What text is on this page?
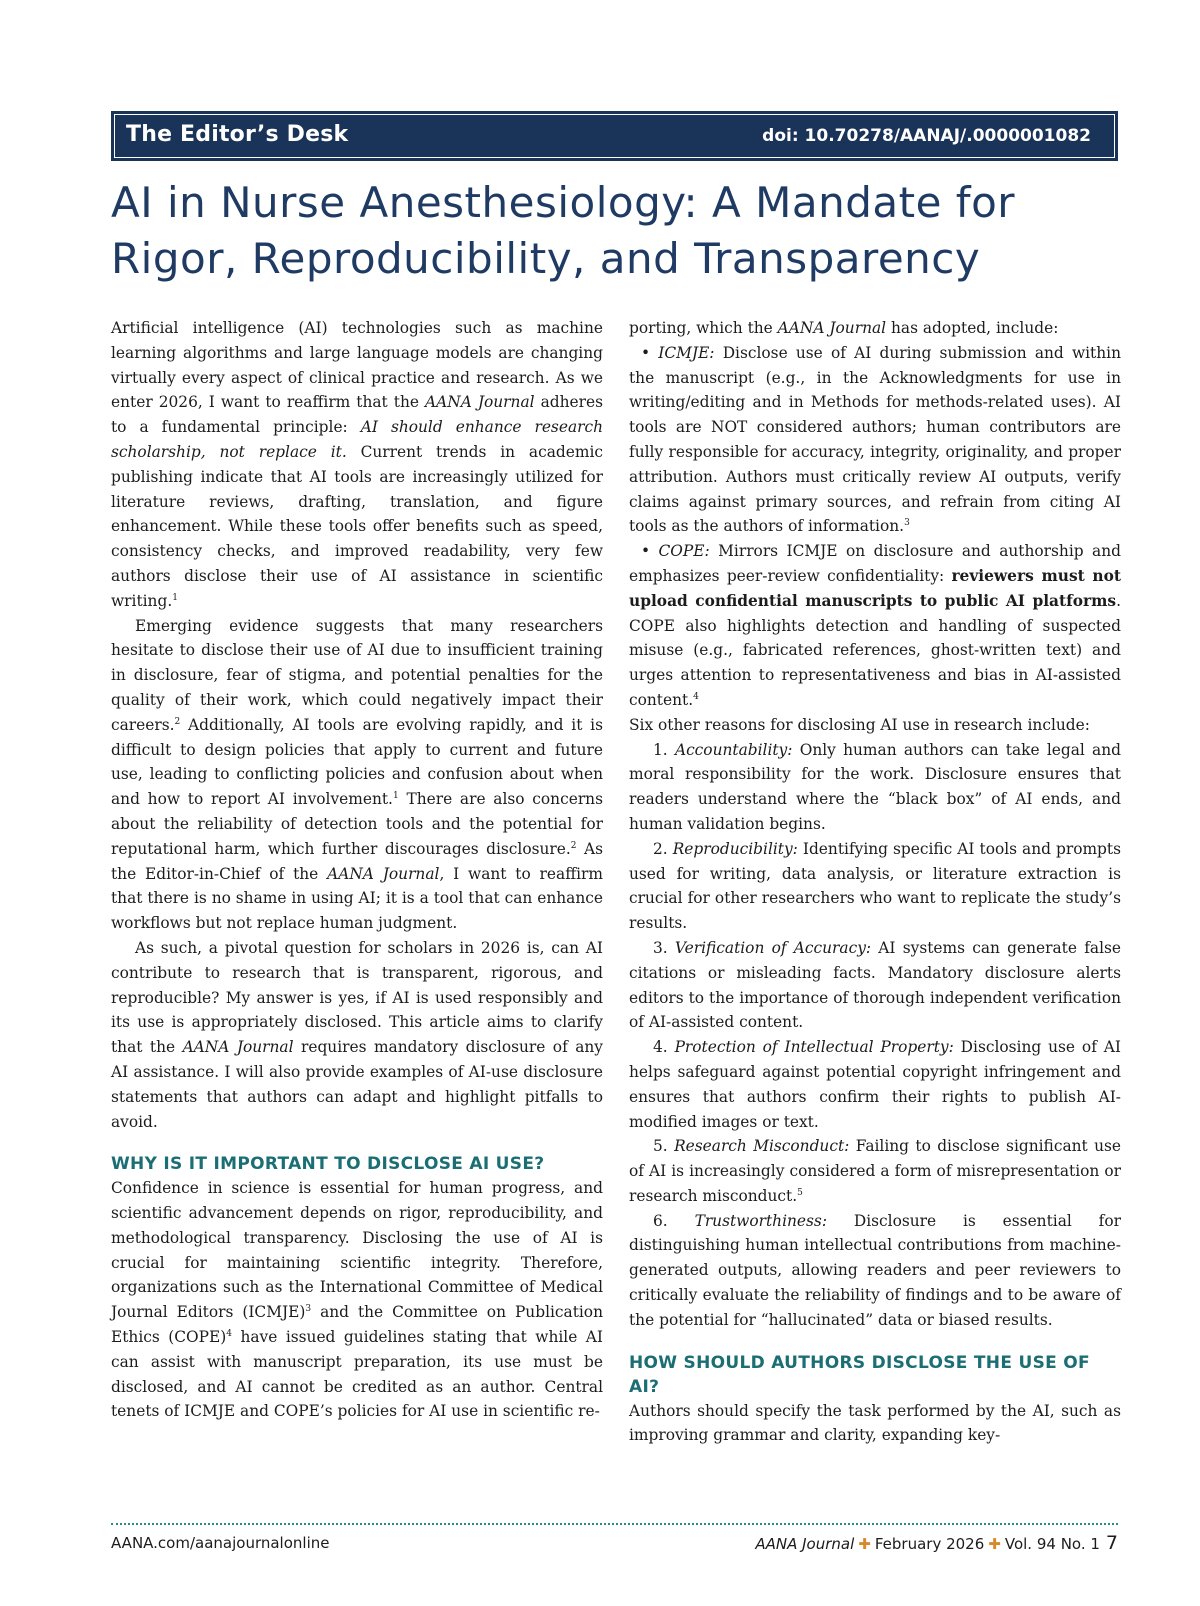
The Editor’s Desk	doi: 10.70278/AANAJ/.0000001082
AI in Nurse Anesthesiology: A Mandate for Rigor, Reproducibility, and Transparency

Artificial intelligence (AI) technologies such as machine learning algorithms and large language models are changing virtually every aspect of clinical practice and research. As we enter 2026, I want to reaffirm that the AANA Journal adheres to a fundamental principle: AI should enhance research scholarship, not replace it. Current trends in academic publishing indicate that AI tools are increasingly utilized for literature reviews, drafting, translation, and figure enhancement. While these tools offer benefits such as speed, consistency checks, and improved readability, very few authors disclose their use of AI assistance in scientific writing.$^1$

Emerging evidence suggests that many researchers hesitate to disclose their use of AI due to insufficient training in disclosure, fear of stigma, and potential penalties for the quality of their work, which could negatively impact their careers.$^2$ Additionally, AI tools are evolving rapidly, and it is difficult to design policies that apply to current and future use, leading to conflicting policies and confusion about when and how to report AI involvement.$^1$ There are also concerns about the reliability of detection tools and the potential for reputational harm, which further discourages disclosure.$^2$ As the Editor-in-Chief of the AANA Journal, I want to reaffirm that there is no shame in using AI; it is a tool that can enhance workflows but not replace human judgment.

As such, a pivotal question for scholars in 2026 is, can AI contribute to research that is transparent, rigorous, and reproducible? My answer is yes, if AI is used responsibly and its use is appropriately disclosed. This article aims to clarify that the AANA Journal requires mandatory disclosure of any AI assistance. I will also provide examples of AI-use disclosure statements that authors can adapt and highlight pitfalls to avoid.

WHY IS IT IMPORTANT TO DISCLOSE AI USE?

Confidence in science is essential for human progress, and scientific advancement depends on rigor, reproducibility, and methodological transparency. Disclosing the use of AI is crucial for maintaining scientific integrity. Therefore, organizations such as the International Committee of Medical Journal Editors (ICMJE)$^3$ and the Committee on Publication Ethics (COPE)$^4$ have issued guidelines stating that while AI can assist with manuscript preparation, its use must be disclosed, and AI cannot be credited as an author. Central tenets of ICMJE and COPE’s policies for AI use in scientific re-

porting, which the AANA Journal has adopted, include:

• ICMJE: Disclose use of AI during submission and within the manuscript (e.g., in the Acknowledgments for use in writing/editing and in Methods for methods-related uses). AI tools are NOT considered authors; human contributors are fully responsible for accuracy, integrity, originality, and proper attribution. Authors must critically review AI outputs, verify claims against primary sources, and refrain from citing AI tools as the authors of information.$^3$

• COPE: Mirrors ICMJE on disclosure and authorship and emphasizes peer-review confidentiality: reviewers must not upload confidential manuscripts to public AI platforms. COPE also highlights detection and handling of suspected misuse (e.g., fabricated references, ghost-written text) and urges attention to representativeness and bias in AI-assisted content.$^4$

Six other reasons for disclosing AI use in research include:

1. Accountability: Only human authors can take legal and moral responsibility for the work. Disclosure ensures that readers understand where the “black box” of AI ends, and human validation begins.

2. Reproducibility: Identifying specific AI tools and prompts used for writing, data analysis, or literature extraction is crucial for other researchers who want to replicate the study’s results.

3. Verification of Accuracy: AI systems can generate false citations or misleading facts. Mandatory disclosure alerts editors to the importance of thorough independent verification of AI-assisted content.

4. Protection of Intellectual Property: Disclosing use of AI helps safeguard against potential copyright infringement and ensures that authors confirm their rights to publish AI-modified images or text.

5. Research Misconduct: Failing to disclose significant use of AI is increasingly considered a form of misrepresentation or research misconduct.$^5$

6. Trustworthiness: Disclosure is essential for distinguishing human intellectual contributions from machine-generated outputs, allowing readers and peer reviewers to critically evaluate the reliability of findings and to be aware of the potential for “hallucinated” data or biased results.

HOW SHOULD AUTHORS DISCLOSE THE USE OF AI?

Authors should specify the task performed by the AI, such as improving grammar and clarity, expanding key-

AANA.com/aanajournalonline	AANA Journal ✚ February 2026 ✚ Vol. 94 No. 1 7
